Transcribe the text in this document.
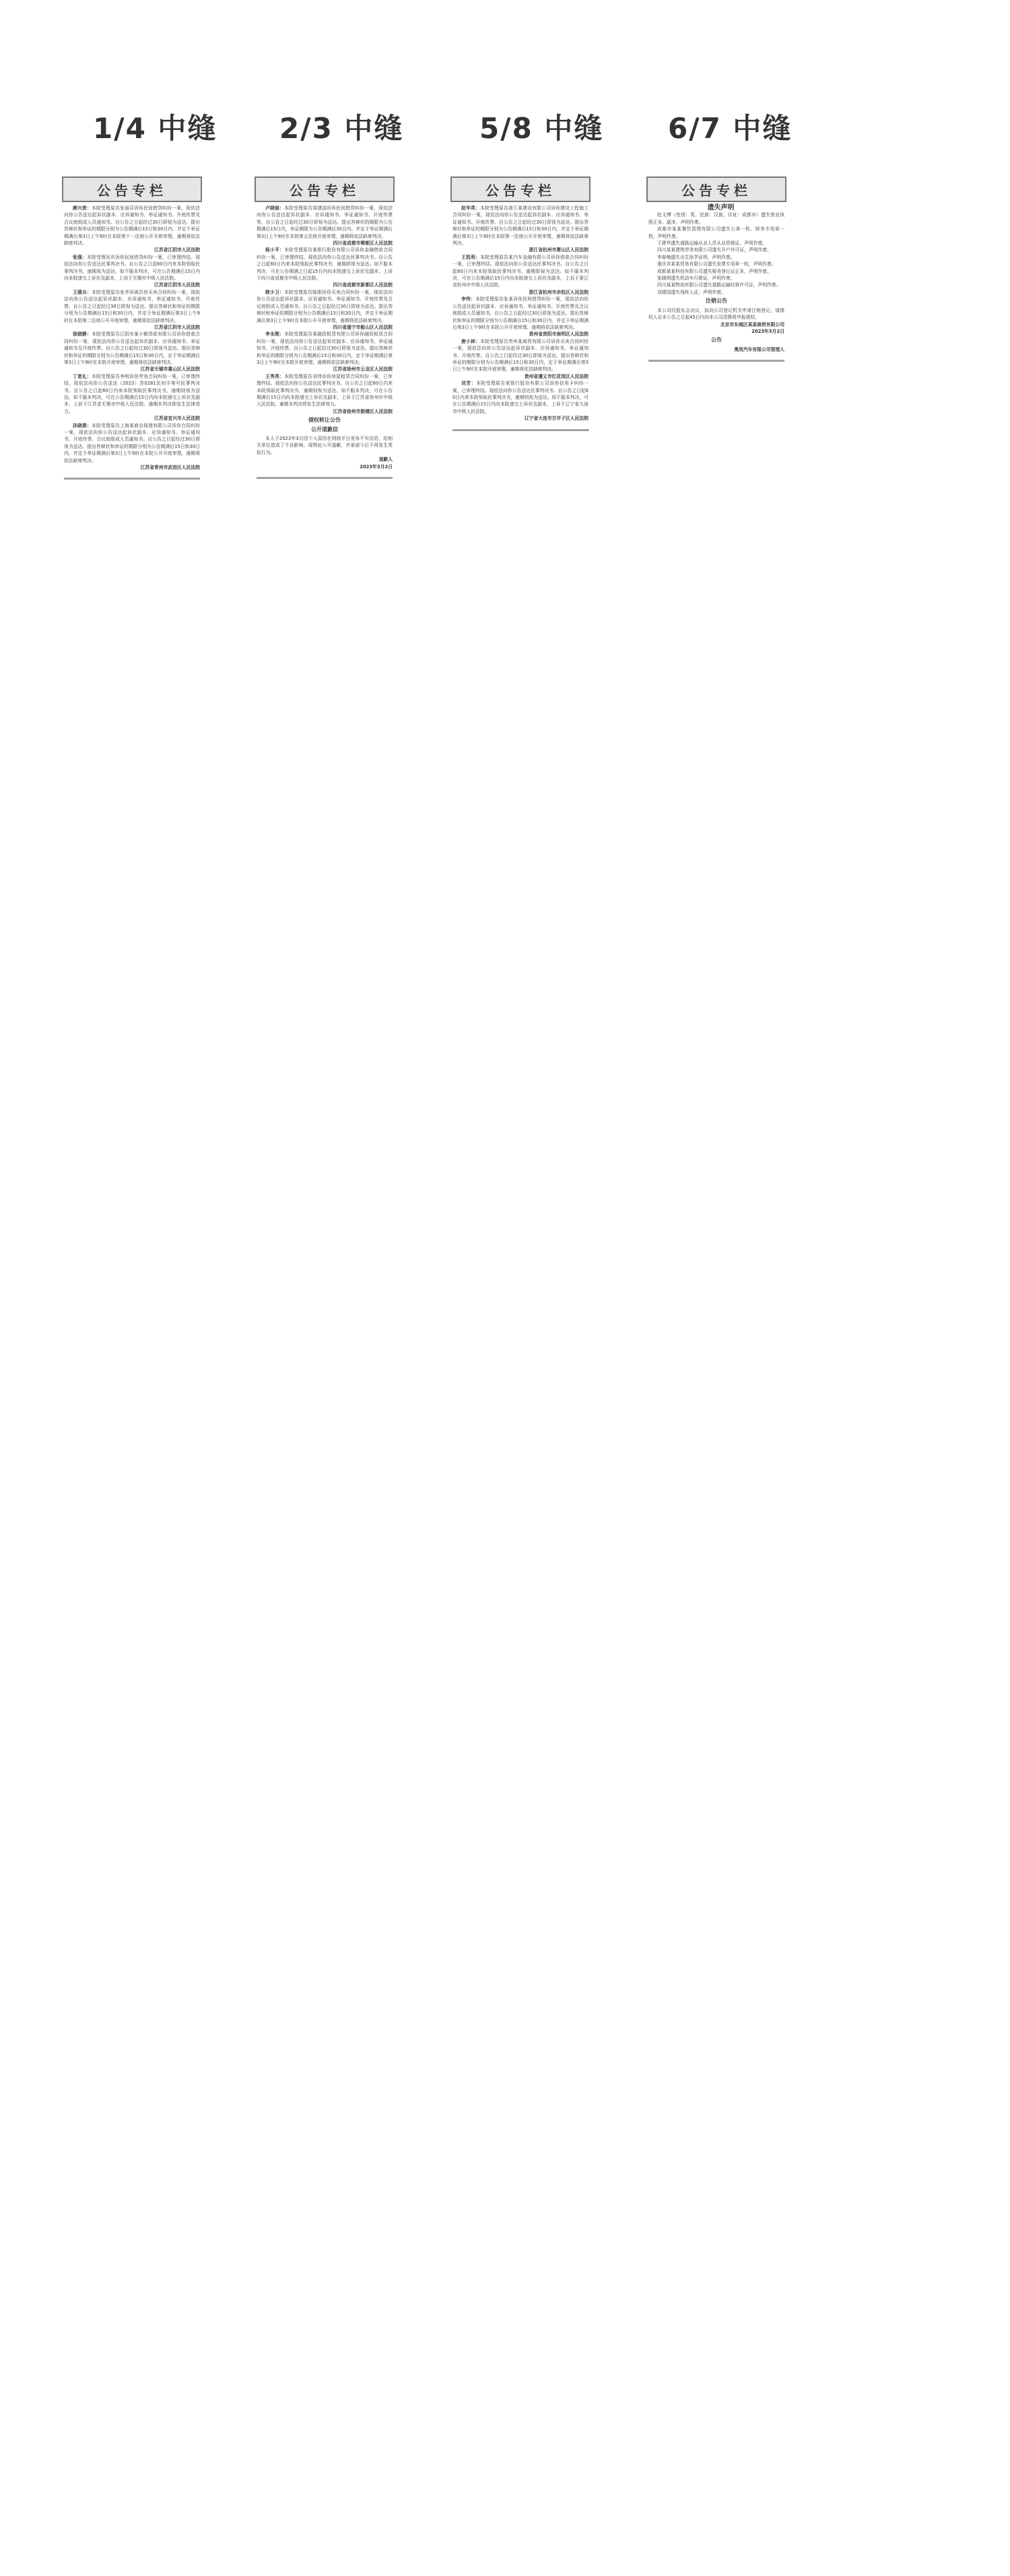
1/4 中缝 2/3 中缝	5/8 中缝 6/7 中缝
公告专栏

颜兴贵：本院受理原告张丽芬诉你民间借贷纠纷一案，现依法向你公告送达起诉状副本、应诉通知书、举证通知书、开庭传票及合议庭组成人员通知书。自公告之日起经过30日即视为送达。提出答辩状和举证的期限分别为公告期满后15日和30日内。并定于举证期满后第3日上午9时在本院第十一法庭公开开庭审理，逾期将依法缺席判决。

江苏省江阴市人民法院

张强：本院受理吴庆诉你民间借贷纠纷一案，已审理终结。现依法向你公告送达民事判决书。自公告之日起60日内来本院领取民事判决书，逾期视为送达。如不服本判决，可在公告期满后15日内向本院递交上诉状及副本，上诉于无锡市中级人民法院。

江苏省江阴市人民法院

王建兵：本院受理原告张华诉被告你买卖合同纠纷一案，现依法向你公告送达起诉状副本、应诉通知书、举证通知书、开庭传票。自公告之日起经过30日即视为送达。提出答辩状和举证的期限分别为公告期满后15日和30日内，并定于举证期满后第3日上午9时在本院第二法庭公开开庭审理，逾期将依法缺席判决。

江苏省江阴市人民法院

徐晓静：本院受理原告江阴市某小额贷款有限公司诉你借款合同纠纷一案，现依法向你公告送达起诉状副本、应诉通知书、举证通知书及开庭传票。自公告之日起经过30日即视为送达。提出答辩状和举证的期限分别为公告期满后15日和30日内，定于举证期满后第3日上午9时在本院开庭审理，逾期将依法缺席判决。

江苏省无锡市惠山区人民法院

丁宽礼：本院受理原告李明诉你劳务合同纠纷一案，已审理终结。现依法向你公告送达（2023）苏0281民初字第号民事判决书。自公告之日起60日内来本院领取民事判决书，逾期则视为送达。如不服本判决，可在公告期满后15日内向本院递交上诉状及副本，上诉于江苏省无锡市中级人民法院。逾期本判决即发生法律效力。

江苏省宜兴市人民法院

孙晓燕：本院受理原告上海某商业保理有限公司诉你合同纠纷一案，现依法向你公告送达起诉状副本、应诉通知书、举证通知书、开庭传票、合议庭组成人员通知书。自公告之日起经过30日即视为送达。提出答辩状和举证的期限分别为公告期满后15日和30日内。并定于举证期满后第3日上午9时在本院公开开庭审理，逾期将依法缺席判决。

江苏省常州市武进区人民法院

公告专栏

卢晓丽：本院受理原告周建国诉你民间借贷纠纷一案，现依法向你公告送达起诉状副本、应诉通知书、举证通知书、开庭传票等。自公告之日起经过30日即视为送达。提出答辩状的期限为公告期满后15日内，举证期限为公告期满后30日内。并定于举证期满后第3日上午9时在本院第五法庭开庭审理，逾期将依法缺席判决。

四川省成都市郫都区人民法院

杨小平：本院受理原告某银行股份有限公司诉你金融借款合同纠纷一案，已审理终结。现依法向你公告送达民事判决书。自公告之日起60日内来本院领取民事判决书，逾期即视为送达。如不服本判决，可在公告期满之日起15日内向本院递交上诉状及副本，上诉于四川省成都市中级人民法院。

四川省成都市新都区人民法院

韩少卫：本院受理原告陈刚诉你买卖合同纠纷一案，现依法向你公告送达起诉状副本、应诉通知书、举证通知书、开庭传票及合议庭组成人员通知书。自公告之日起经过30日即视为送达。提出答辩状和举证的期限分别为公告期满后15日和30日内，并定于举证期满后第3日上午9时在本院公开开庭审理，逾期将依法缺席判决。

四川省遂宁市船山区人民法院

李永刚：本院受理原告某融资租赁有限公司诉你融资租赁合同纠纷一案，现依法向你公告送达起诉状副本、应诉通知书、举证通知书、开庭传票。自公告之日起经过30日即视为送达。提出答辩状和举证的期限分别为公告期满后15日和30日内，定于举证期满后第3日上午9时在本院开庭审理，逾期将依法缺席判决。

江苏省徐州市云龙区人民法院

王秀英：本院受理原告刘伟诉你房屋租赁合同纠纷一案，已审理终结。现依法向你公告送达民事判决书。自公告之日起60日内来本院领取民事判决书，逾期则视为送达。如不服本判决，可在公告期满后15日内向本院递交上诉状及副本，上诉于江苏省徐州市中级人民法院。逾期本判决即发生法律效力。

江苏省徐州市鼓楼区人民法院

债权转让公告

公开道歉信

本人于2023年3月因个人原因在网络平台发布不实信息，给相关单位造成了不良影响，现特此公开道歉，并承诺今后不再发生类似行为。

道歉人

2023年3月2日

公告专栏

赵华英：本院受理原告浙江某建设有限公司诉你建设工程施工合同纠纷一案，现依法向你公告送达起诉状副本、应诉通知书、举证通知书、开庭传票。自公告之日起经过30日即视为送达。提出答辩状和举证的期限分别为公告期满后15日和30日内，并定于举证期满后第3日上午9时在本院第一法庭公开开庭审理，逾期将依法缺席判决。

浙江省杭州市萧山区人民法院

王凯利：本院受理原告某汽车金融有限公司诉你借款合同纠纷一案，已审理终结。现依法向你公告送达民事判决书。自公告之日起60日内来本院领取民事判决书，逾期即视为送达。如不服本判决，可在公告期满后15日内向本院递交上诉状及副本，上诉于浙江省杭州市中级人民法院。

浙江省杭州市余杭区人民法院

李伟：本院受理原告张某诉你民间借贷纠纷一案，现依法向你公告送达起诉状副本、应诉通知书、举证通知书、开庭传票及合议庭组成人员通知书。自公告之日起经过30日即视为送达。提出答辩状和举证的期限分别为公告期满后15日和30日内，并定于举证期满后第3日上午9时在本院公开开庭审理，逾期将依法缺席判决。

贵州省贵阳市南明区人民法院

唐小林：本院受理原告贵州某商贸有限公司诉你买卖合同纠纷一案，现依法向你公告送达起诉状副本、应诉通知书、举证通知书、开庭传票。自公告之日起经过30日即视为送达。提出答辩状和举证的期限分别为公告期满后15日和30日内，定于举证期满后第3日上午9时在本院开庭审理，逾期将依法缺席判决。

贵州省遵义市红花岗区人民法院

刘芳：本院受理原告某银行股份有限公司诉你信用卡纠纷一案，已审理终结。现依法向你公告送达民事判决书。自公告之日起60日内来本院领取民事判决书，逾期则视为送达。如不服本判决，可在公告期满后15日内向本院递交上诉状及副本，上诉于辽宁省大连市中级人民法院。

辽宁省大连市甘井子区人民法院

公告专栏

遗失声明

赵文博（性别：男，民族：汉族，住址：成都市）遗失营业执照正本、副本，声明作废。

成都市某某餐饮管理有限公司遗失公章一枚、财务专用章一枚，声明作废。

王建华遗失道路运输从业人员从业资格证，声明作废。

四川某某建筑劳务有限公司遗失开户许可证，声明作废。

李春梅遗失出生医学证明，声明作废。

重庆市某某贸易有限公司遗失发票专用章一枚，声明作废。

成都某某科技有限公司遗失税务登记证正本，声明作废。

张晓明遗失机动车行驶证，声明作废。

四川某某物流有限公司遗失道路运输经营许可证，声明作废。

刘建国遗失残疾人证，声明作废。

注销公告

本公司经股东会决议，拟向公司登记机关申请注销登记，请债权人自本公告之日起45日内向本公司清算组申报债权。

北京市东城区某某商贸有限公司

2023年3月2日

公告

奥昊汽车有限公司管理人
